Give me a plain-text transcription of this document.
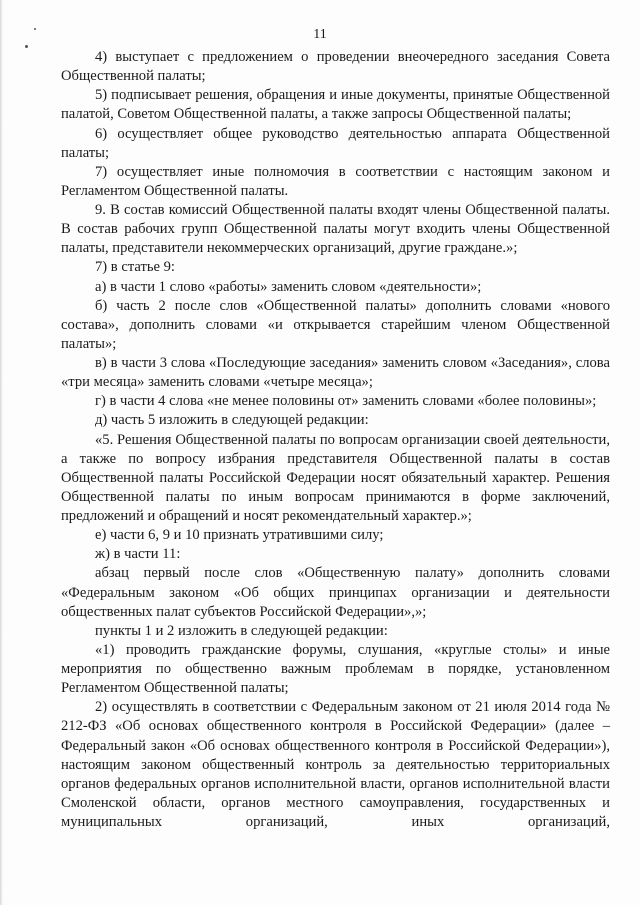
11

4) выступает с предложением о проведении внеочередного заседания Совета Общественной палаты;

5) подписывает решения, обращения и иные документы, принятые Общественной палатой, Советом Общественной палаты, а также запросы Общественной палаты;

6) осуществляет общее руководство деятельностью аппарата Общественной палаты;

7) осуществляет иные полномочия в соответствии с настоящим законом и Регламентом Общественной палаты.

9. В состав комиссий Общественной палаты входят члены Общественной палаты. В состав рабочих групп Общественной палаты могут входить члены Общественной палаты, представители некоммерческих организаций, другие граждане.»;

7) в статье 9:

а) в части 1 слово «работы» заменить словом «деятельности»;

б) часть 2 после слов «Общественной палаты» дополнить словами «нового состава», дополнить словами «и открывается старейшим членом Общественной палаты»;

в) в части 3 слова «Последующие заседания» заменить словом «Заседания», слова «три месяца» заменить словами «четыре месяца»;

г) в части 4 слова «не менее половины от» заменить словами «более половины»;

д) часть 5 изложить в следующей редакции:

«5. Решения Общественной палаты по вопросам организации своей деятельности, а также по вопросу избрания представителя Общественной палаты в состав Общественной палаты Российской Федерации носят обязательный характер. Решения Общественной палаты по иным вопросам принимаются в форме заключений, предложений и обращений и носят рекомендательный характер.»;

е) части 6, 9 и 10 признать утратившими силу;

ж) в части 11:

абзац первый после слов «Общественную палату» дополнить словами «Федеральным законом «Об общих принципах организации и деятельности общественных палат субъектов Российской Федерации»,»;

пункты 1 и 2 изложить в следующей редакции:

«1) проводить гражданские форумы, слушания, «круглые столы» и иные мероприятия по общественно важным проблемам в порядке, установленном Регламентом Общественной палаты;

2) осуществлять в соответствии с Федеральным законом от 21 июля 2014 года № 212-ФЗ «Об основах общественного контроля в Российской Федерации» (далее – Федеральный закон «Об основах общественного контроля в Российской Федерации»), настоящим законом общественный контроль за деятельностью территориальных органов федеральных органов исполнительной власти, органов исполнительной власти Смоленской области, органов местного самоуправления, государственных и муниципальных организаций, иных организаций,
